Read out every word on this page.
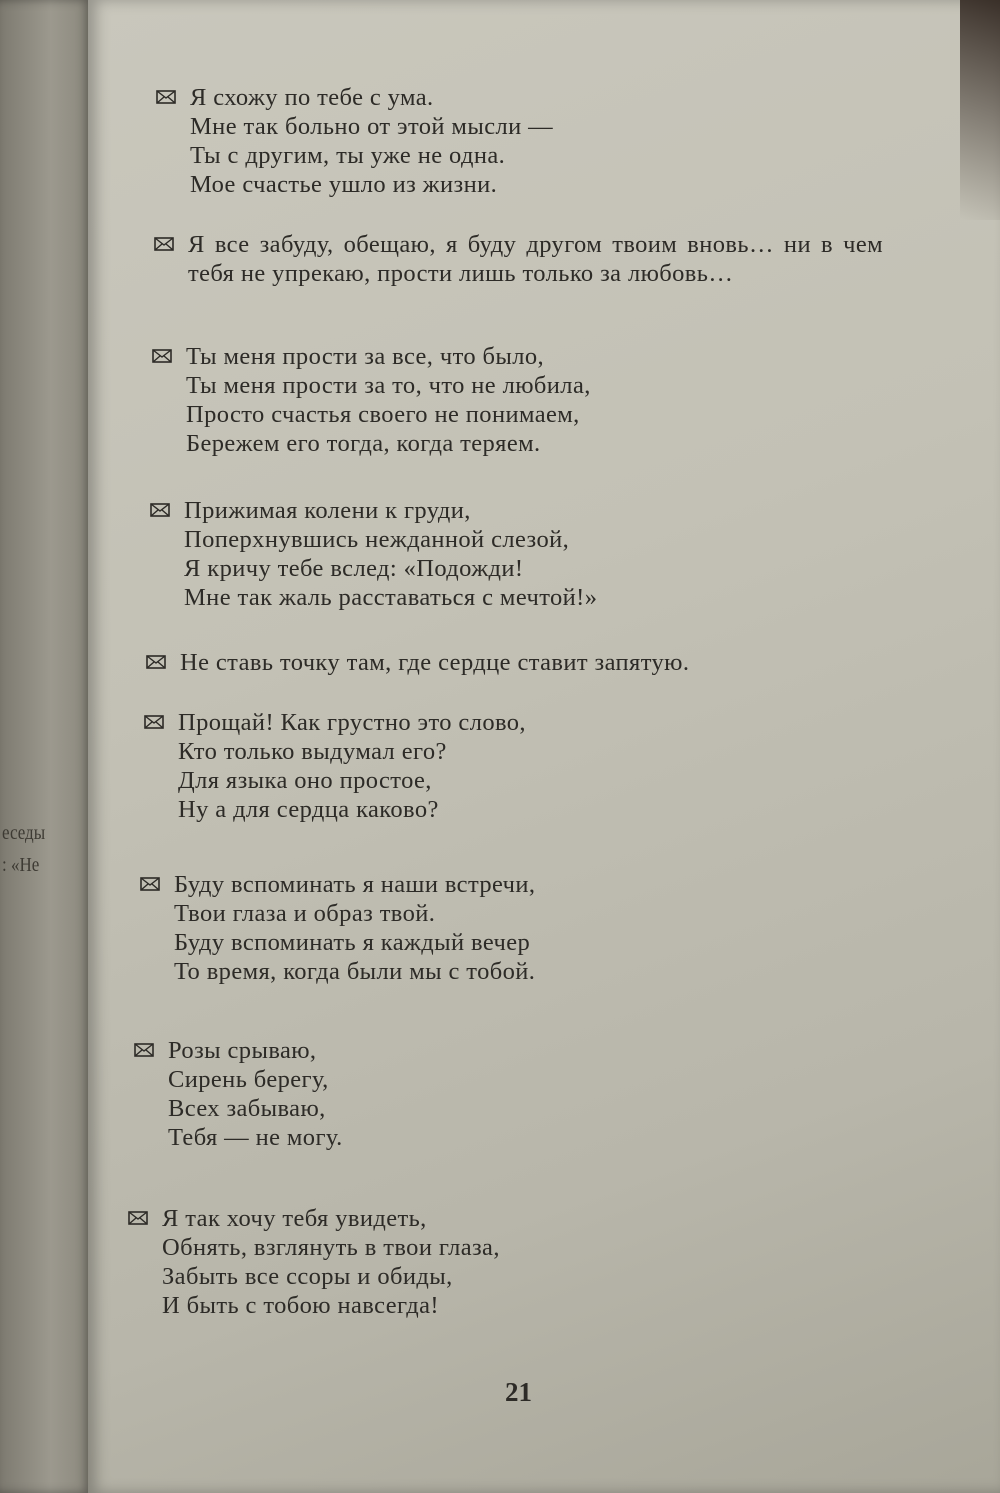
еседы
: «Не
Я схожу по тебе с ума.
Мне так больно от этой мысли —
Ты с другим, ты уже не одна.
Мое счастье ушло из жизни.
Я все забуду, обещаю, я буду другом твоим вновь… ни в чем тебя не упрекаю, прости лишь только за любовь…
Ты меня прости за все, что было,
Ты меня прости за то, что не любила,
Просто счастья своего не понимаем,
Бережем его тогда, когда теряем.
Прижимая колени к груди,
Поперхнувшись нежданной слезой,
Я кричу тебе вслед: «Подожди!
Мне так жаль расставаться с мечтой!»
Не ставь точку там, где сердце ставит запятую.
Прощай! Как грустно это слово,
Кто только выдумал его?
Для языка оно простое,
Ну а для сердца каково?
Буду вспоминать я наши встречи,
Твои глаза и образ твой.
Буду вспоминать я каждый вечер
То время, когда были мы с тобой.
Розы срываю,
Сирень берегу,
Всех забываю,
Тебя — не могу.
Я так хочу тебя увидеть,
Обнять, взглянуть в твои глаза,
Забыть все ссоры и обиды,
И быть с тобою навсегда!
21
